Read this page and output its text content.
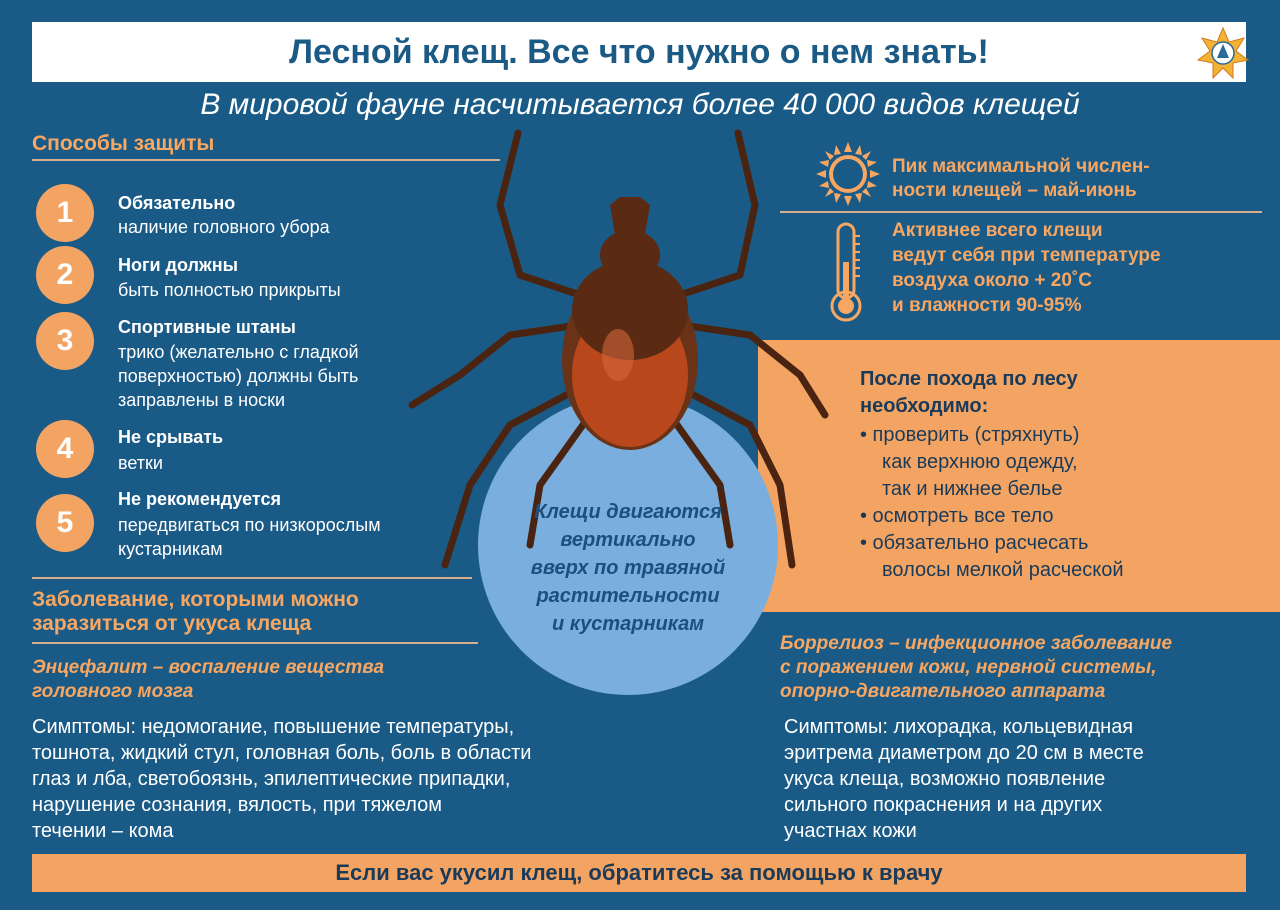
Лесной клещ. Все что нужно о нем знать!
В мировой фауне насчитывается более 40 000 видов клещей
Способы защиты
1	Обязательно
наличие головного убора
2	Ноги должны
быть полностью прикрыты
3	Спортивные штаны
трико (желательно с гладкой
поверхностью) должны быть
заправлены в носки
4	Не срывать
ветки
5
Не рекомендуется
передвигаться по низкорослым
кустарникам
Пик максимальной числен-
ности клещей – май-июнь
Активнее всего клещи
ведут себя при температуре
воздуха около + 20˚С
и влажности 90-95%
После похода по лесу
необходимо:
• проверить (стряхнуть)
как верхнюю одежду,
так и нижнее белье
• осмотреть все тело
• обязательно расчесать
волосы мелкой расческой
Клещи двигаются
вертикально
вверх по травяной
растительности
и кустарникам
Заболевание, которыми можно
заразиться от укуса клеща
Энцефалит – воспаление вещества
головного мозга
Симптомы: недомогание, повышение температуры,
тошнота, жидкий стул, головная боль, боль в области
глаз и лба, светобоязнь, эпилептические припадки,
нарушение сознания, вялость, при тяжелом
течении – кома
Боррелиоз – инфекционное заболевание
с поражением кожи, нервной системы,
опорно-двигательного аппарата
Симптомы: лихорадка, кольцевидная
эритрема диаметром до 20 см в месте
укуса клеща, возможно появление
сильного покраснения и на других
участнах кожи
Если вас укусил клещ, обратитесь за помощью к врачу
